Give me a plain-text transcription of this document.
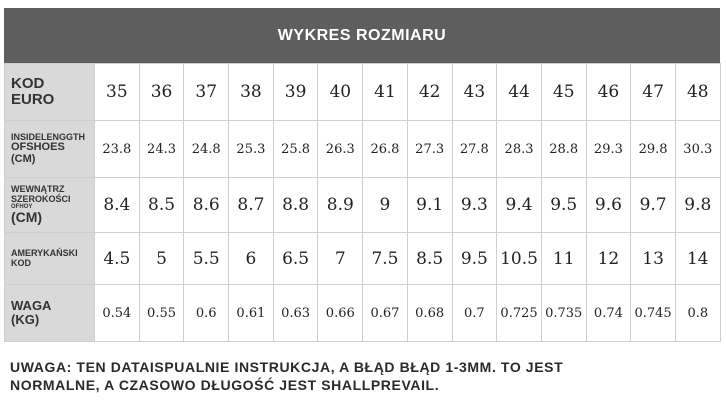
WYKRES ROZMIARU
KOD
EURO	35	36	37	38	39	40	41	42	43	44	45	46	47	48

INSIDELENGGTH
OFSHOES
(CM)	23.8	24.3	24.8	25.3	25.8	26.3	26.8	27.3	27.8	28.3	28.8	29.3	29.8	30.3

WEWNĄTRZ SZEROKOŚCI
OFHOY
(CM)	8.4	8.5	8.6	8.7	8.8	8.9	9	9.1	9.3	9.4	9.5	9.6	9.7	9.8

AMERYKAŃSKI
KOD	4.5	5	5.5	6	6.5	7	7.5	8.5	9.5	10.5	11	12	13	14

WAGA
(KG)	0.54	0.55	0.6	0.61	0.63	0.66	0.67	0.68	0.7	0.725	0.735	0.74	0.745	0.8
UWAGA: TEN DATAISPUALNIE INSTRUKCJA, A BŁĄD BŁĄD 1-3MM. TO JEST
NORMALNE, A CZASOWO DŁUGOŚĆ JEST SHALLPREVAIL.
